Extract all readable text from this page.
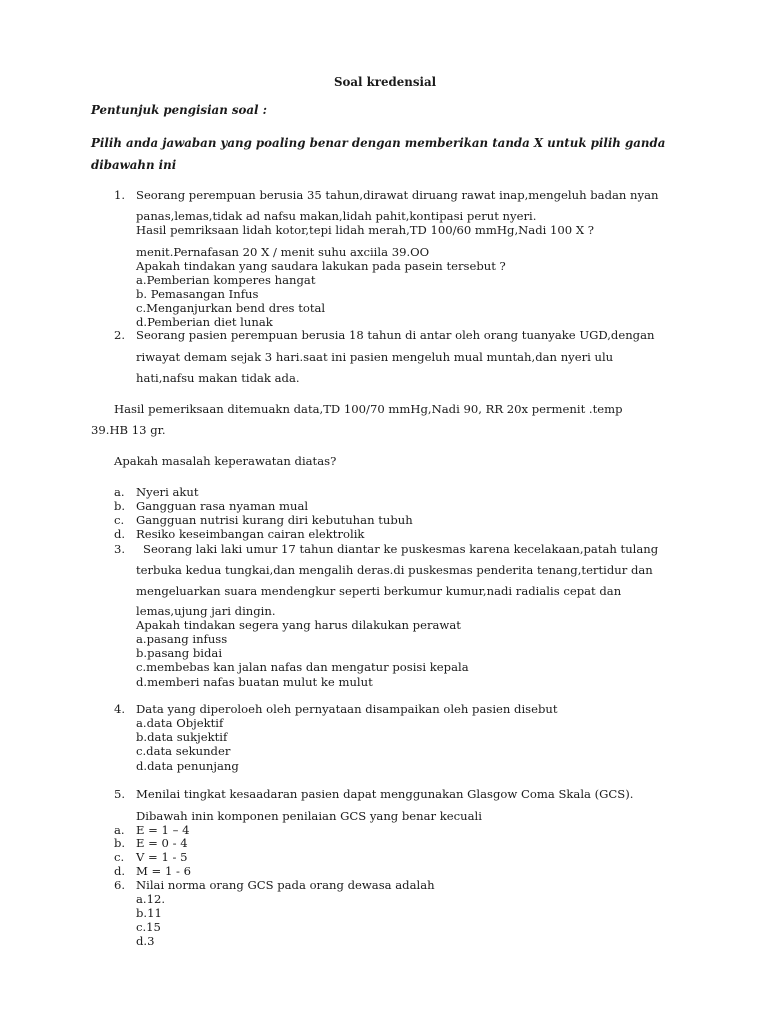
Soal kredensial
Pentunjuk pengisian soal :
Pilih anda jawaban yang poaling benar dengan memberikan tanda X untuk pilih ganda
dibawahn ini
1. Seorang perempuan berusia 35 tahun,dirawat diruang rawat inap,mengeluh badan nyan
panas,lemas,tidak ad nafsu makan,lidah pahit,kontipasi perut nyeri.
Hasil pemriksaan lidah kotor,tepi lidah merah,TD 100/60 mmHg,Nadi 100 X ?
menit.Pernafasan 20 X / menit suhu axciila 39.OO
Apakah tindakan yang saudara lakukan pada pasein tersebut ?
a.Pemberian komperes hangat
b. Pemasangan Infus
c.Menganjurkan bend dres total
d.Pemberian diet lunak
2. Seorang pasien perempuan berusia 18 tahun di antar oleh orang tuanyake UGD,dengan
riwayat demam sejak 3 hari.saat ini pasien mengeluh mual muntah,dan nyeri ulu
hati,nafsu makan tidak ada.
Hasil pemeriksaan ditemuakn data,TD 100/70 mmHg,Nadi 90, RR 20x permenit .temp
39.HB 13 gr.
Apakah masalah keperawatan diatas?
a. Nyeri akut
b. Gangguan rasa nyaman mual
c. Gangguan nutrisi kurang diri kebutuhan tubuh
d. Resiko keseimbangan cairan elektrolik
3. Seorang laki laki umur 17 tahun diantar ke puskesmas karena kecelakaan,patah tulang
terbuka kedua tungkai,dan mengalih deras.di puskesmas penderita tenang,tertidur dan
mengeluarkan suara mendengkur seperti berkumur kumur,nadi radialis cepat dan
lemas,ujung jari dingin.
Apakah tindakan segera yang harus dilakukan perawat
a.pasang infuss
b.pasang bidai
c.membebas kan jalan nafas dan mengatur posisi kepala
d.memberi nafas buatan mulut ke mulut
4. Data yang diperoloeh oleh pernyataan disampaikan oleh pasien disebut
a.data Objektif
b.data sukjektif
c.data sekunder
d.data penunjang
5. Menilai tingkat kesaadaran pasien dapat menggunakan Glasgow Coma Skala (GCS).
Dibawah inin komponen penilaian GCS yang benar kecuali
a. E = 1 – 4
b. E = 0 - 4
c. V = 1 - 5
d. M = 1 - 6
6. Nilai norma orang GCS pada orang dewasa adalah
a.12.
b.11
c.15
d.3
